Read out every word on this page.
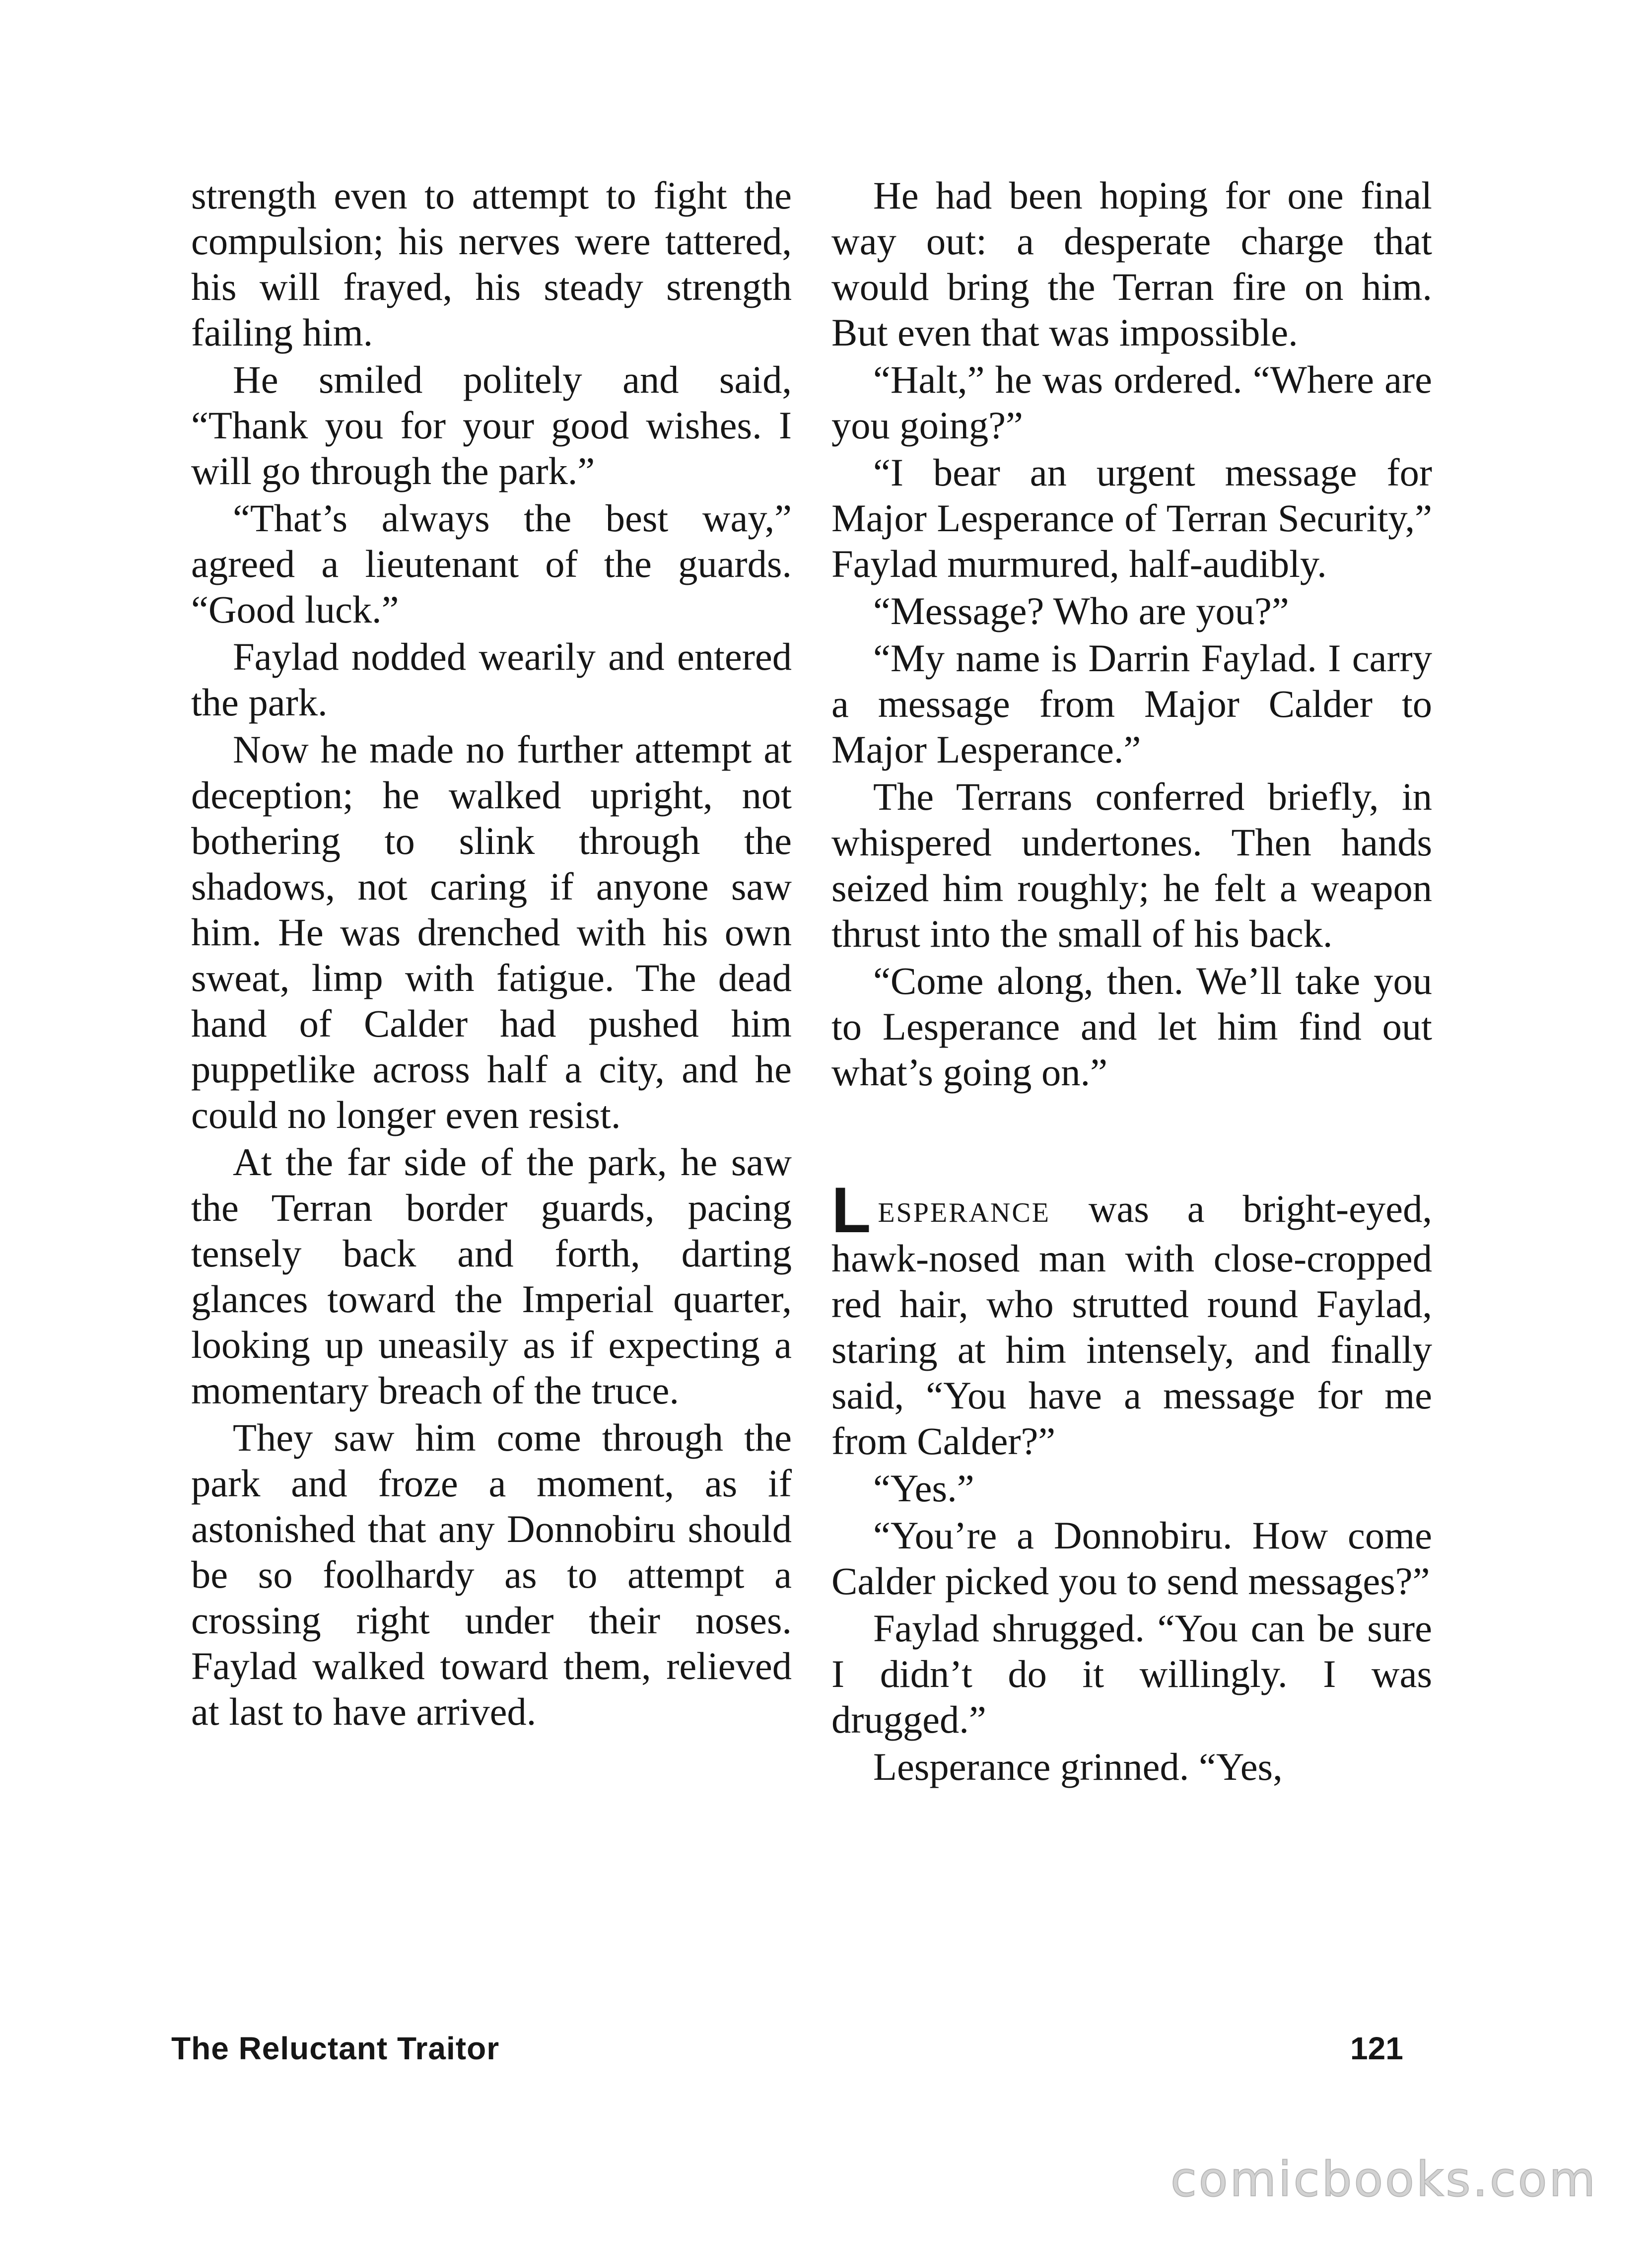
strength even to attempt to fight the compulsion; his nerves were tattered, his will frayed, his steady strength failing him.

He smiled politely and said, “Thank you for your good wishes. I will go through the park.”

“That’s always the best way,” agreed a lieutenant of the guards. “Good luck.”

Faylad nodded wearily and entered the park.

Now he made no further attempt at deception; he walked upright, not bothering to slink through the shadows, not caring if anyone saw him. He was drenched with his own sweat, limp with fatigue. The dead hand of Calder had pushed him puppetlike across half a city, and he could no longer even resist.

At the far side of the park, he saw the Terran border guards, pacing tensely back and forth, darting glances toward the Imperial quarter, looking up uneasily as if expecting a momentary breach of the truce.

They saw him come through the park and froze a moment, as if astonished that any Donnobiru should be so foolhardy as to attempt a crossing right under their noses. Faylad walked toward them, relieved at last to have arrived.

He had been hoping for one final way out: a desperate charge that would bring the Terran fire on him. But even that was impossible.

“Halt,” he was ordered. “Where are you going?”

“I bear an urgent message for Major Lesperance of Terran Security,” Faylad murmured, half-audibly.

“Message? Who are you?”

“My name is Darrin Faylad. I carry a message from Major Calder to Major Lesperance.”

The Terrans conferred briefly, in whispered undertones. Then hands seized him roughly; he felt a weapon thrust into the small of his back.

“Come along, then. We’ll take you to Lesperance and let him find out what’s going on.”

LESPERANCE was a bright-eyed, hawk-nosed man with close-cropped red hair, who strutted round Faylad, staring at him intensely, and finally said, “You have a message for me from Calder?”

“Yes.”

“You’re a Donnobiru. How come Calder picked you to send messages?”

Faylad shrugged. “You can be sure I didn’t do it willingly. I was drugged.”

Lesperance grinned. “Yes,

The Reluctant Traitor	121
comicbooks.com
